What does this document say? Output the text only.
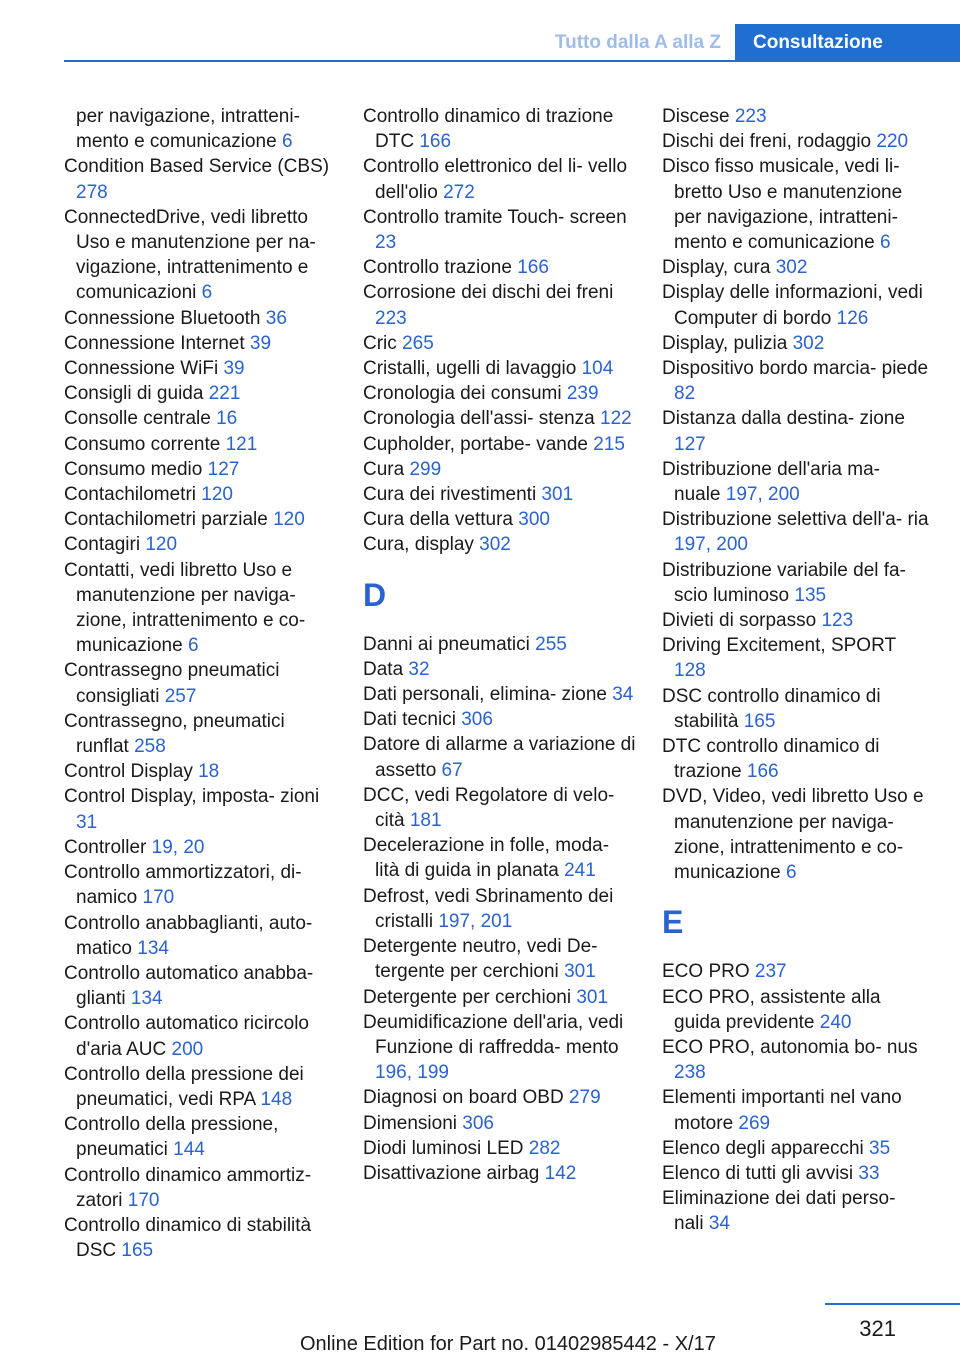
Tutto dalla A alla Z	Consultazione
per navigazione, intratteni- mento e comunicazione 6
Condition Based Service (CBS) 278
ConnectedDrive, vedi libretto Uso e manutenzione per na- vigazione, intrattenimento e comunicazioni 6
Connessione Bluetooth 36
Connessione Internet 39
Connessione WiFi 39
Consigli di guida 221
Consolle centrale 16
Consumo corrente 121
Consumo medio 127
Contachilometri 120
Contachilometri parziale 120
Contagiri 120
Contatti, vedi libretto Uso e manutenzione per naviga- zione, intrattenimento e co- municazione 6
Contrassegno pneumatici consigliati 257
Contrassegno, pneumatici runflat 258
Control Display 18
Control Display, imposta- zioni 31
Controller 19, 20
Controllo ammortizzatori, di- namico 170
Controllo anabbaglianti, auto- matico 134
Controllo automatico anabba- glianti 134
Controllo automatico ricircolo d'aria AUC 200
Controllo della pressione dei pneumatici, vedi RPA 148
Controllo della pressione, pneumatici 144
Controllo dinamico ammortiz- zatori 170
Controllo dinamico di stabilità DSC 165
Controllo dinamico di trazione DTC 166
Controllo elettronico del li- vello dell'olio 272
Controllo tramite Touch- screen 23
Controllo trazione 166
Corrosione dei dischi dei freni 223
Cric 265
Cristalli, ugelli di lavaggio 104
Cronologia dei consumi 239
Cronologia dell'assi- stenza 122
Cupholder, portabe- vande 215
Cura 299
Cura dei rivestimenti 301
Cura della vettura 300
Cura, display 302
D
Danni ai pneumatici 255
Data 32
Dati personali, elimina- zione 34
Dati tecnici 306
Datore di allarme a variazione di assetto 67
DCC, vedi Regolatore di velo- cità 181
Decelerazione in folle, moda- lità di guida in planata 241
Defrost, vedi Sbrinamento dei cristalli 197, 201
Detergente neutro, vedi De- tergente per cerchioni 301
Detergente per cerchioni 301
Deumidificazione dell'aria, vedi Funzione di raffredda- mento 196, 199
Diagnosi on board OBD 279
Dimensioni 306
Diodi luminosi LED 282
Disattivazione airbag 142
Discese 223
Dischi dei freni, rodaggio 220
Disco fisso musicale, vedi li- bretto Uso e manutenzione per navigazione, intratteni- mento e comunicazione 6
Display, cura 302
Display delle informazioni, vedi Computer di bordo 126
Display, pulizia 302
Dispositivo bordo marcia- piede 82
Distanza dalla destina- zione 127
Distribuzione dell'aria ma- nuale 197, 200
Distribuzione selettiva dell'a- ria 197, 200
Distribuzione variabile del fa- scio luminoso 135
Divieti di sorpasso 123
Driving Excitement, SPORT 128
DSC controllo dinamico di stabilità 165
DTC controllo dinamico di trazione 166
DVD, Video, vedi libretto Uso e manutenzione per naviga- zione, intrattenimento e co- municazione 6
E
ECO PRO 237
ECO PRO, assistente alla guida previdente 240
ECO PRO, autonomia bo- nus 238
Elementi importanti nel vano motore 269
Elenco degli apparecchi 35
Elenco di tutti gli avvisi 33
Eliminazione dei dati perso- nali 34
321
Online Edition for Part no. 01402985442 - X/17
